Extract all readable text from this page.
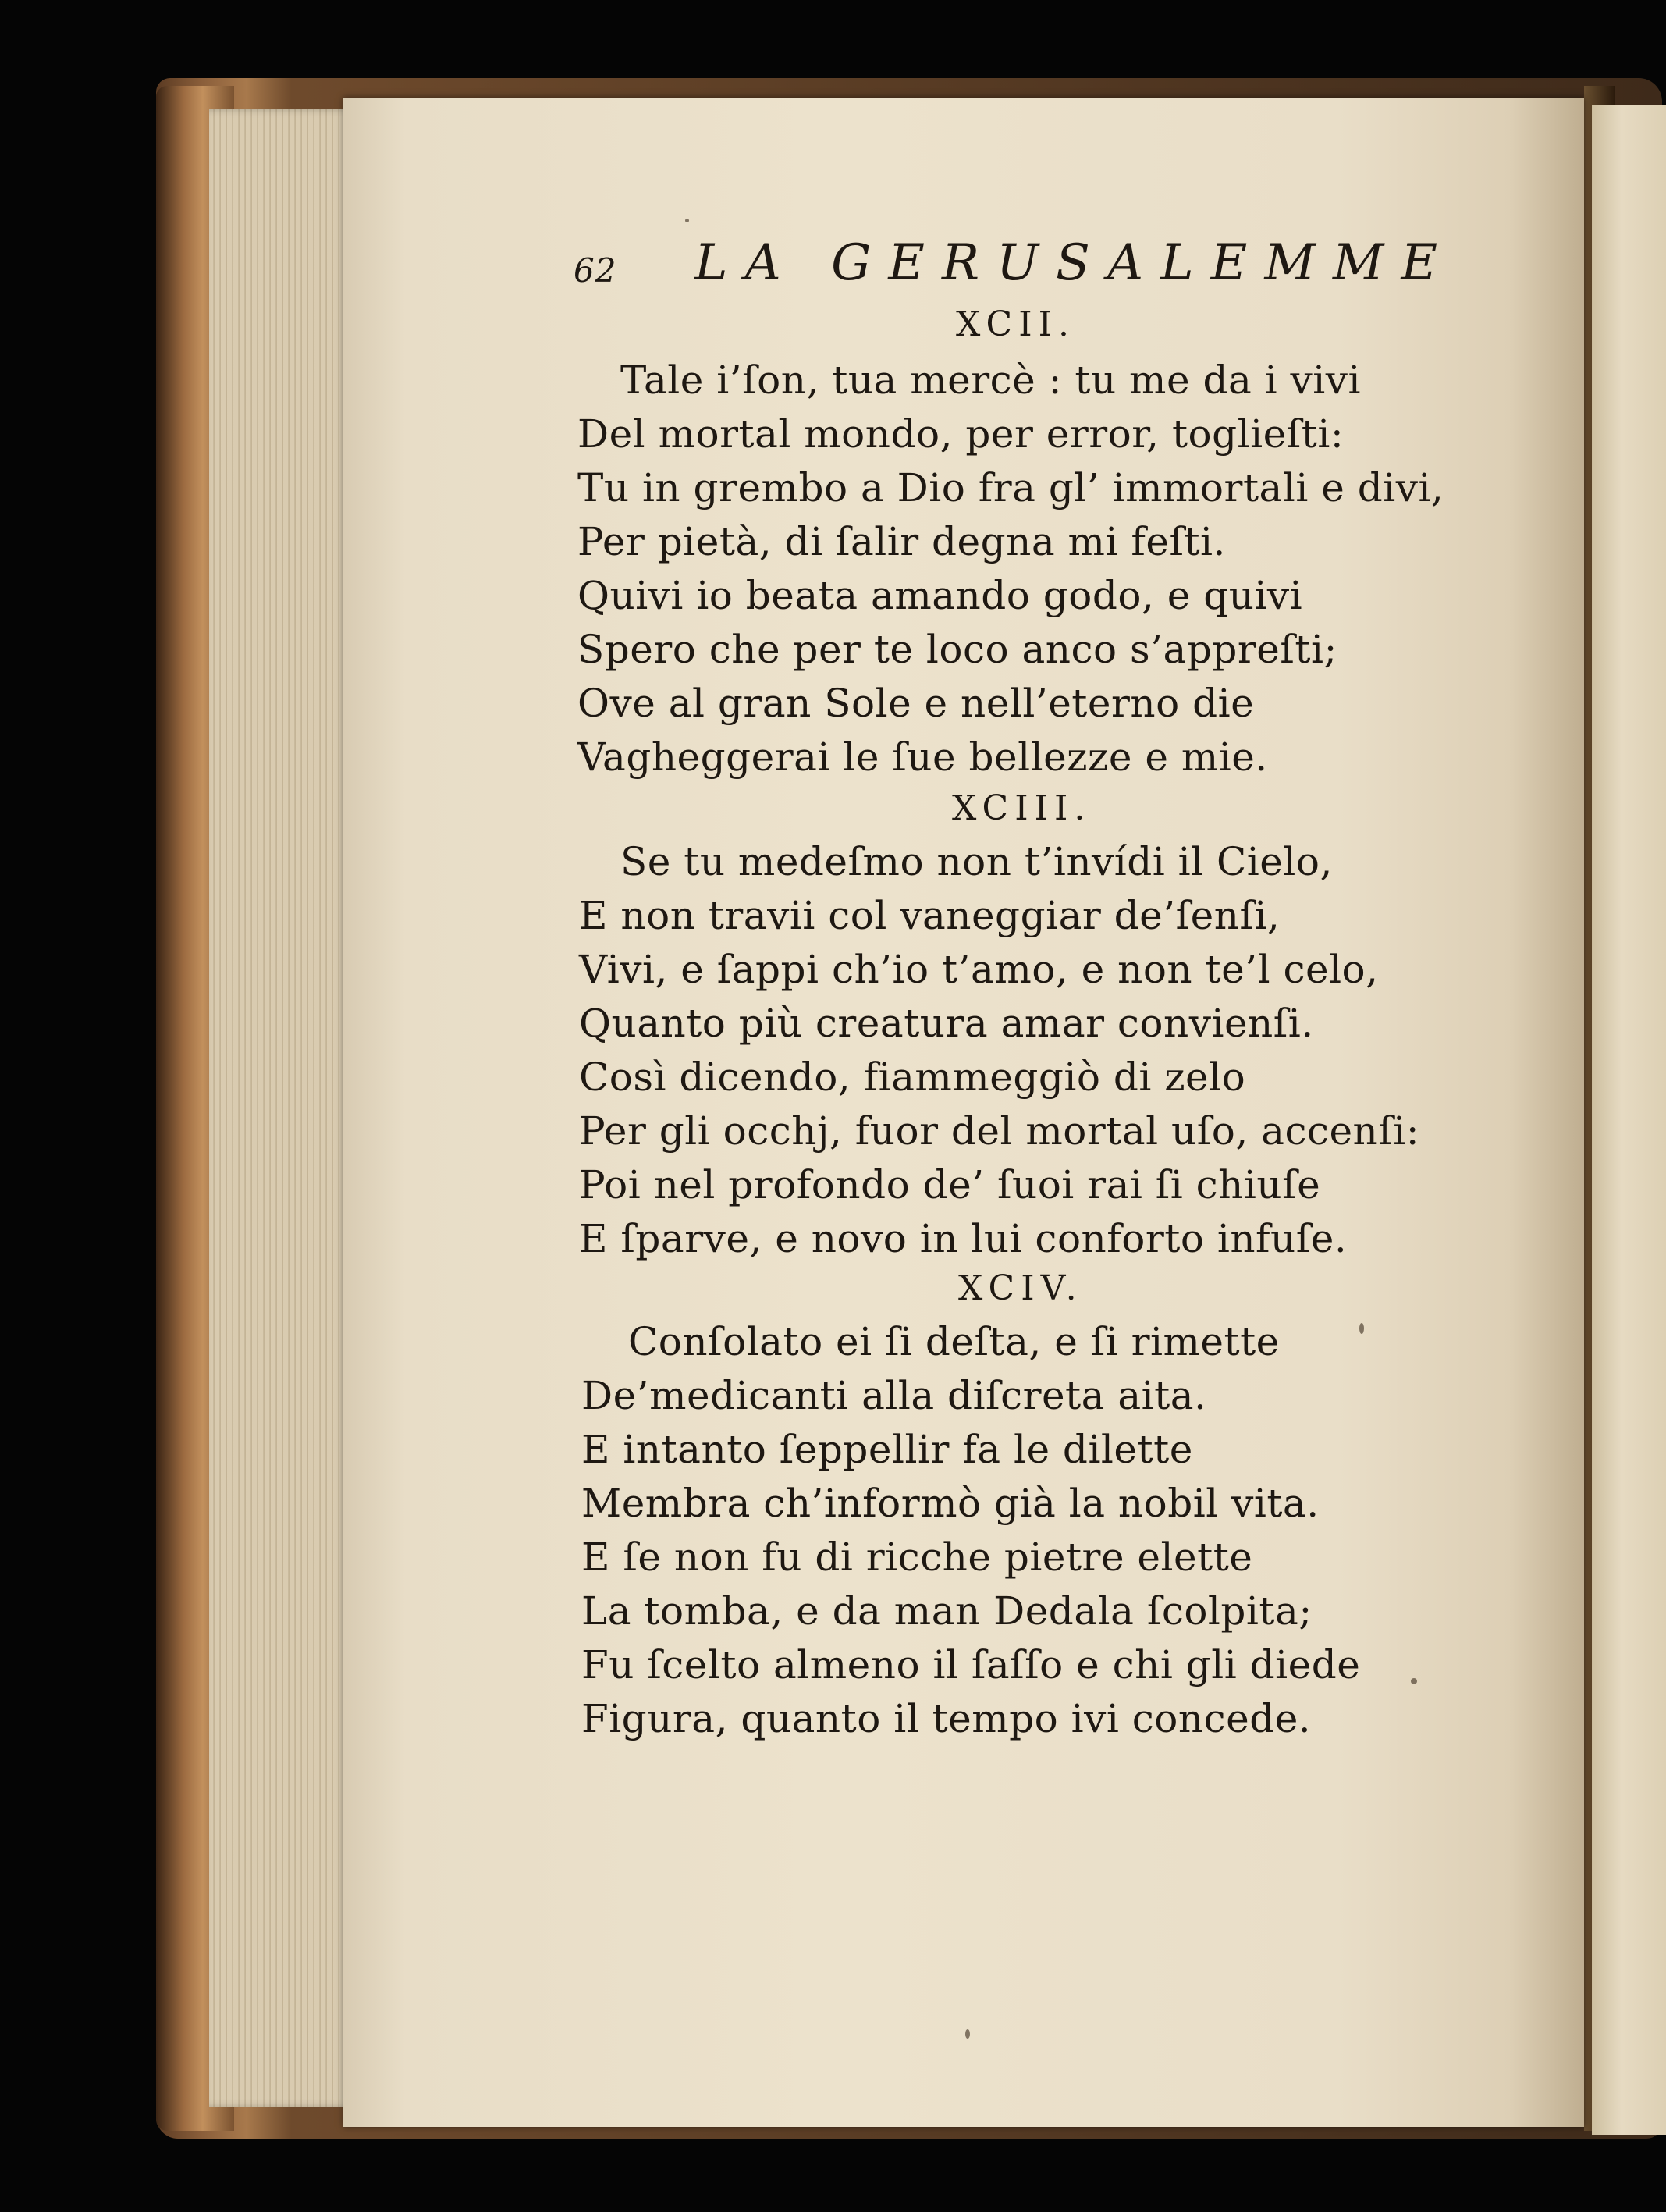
62 LA GERUSALEMME
XCII.
Tale i’ſon, tua mercè : tu me da i vivi
Del mortal mondo, per error, toglieſti:
Tu in grembo a Dio fra gl’ immortali e divi,
Per pietà, di ſalir degna mi feſti.
Quivi io beata amando godo, e quivi
Spero che per te loco anco s’appreſti;
Ove al gran Sole e nell’eterno die
Vagheggerai le ſue bellezze e mie.
XCIII.
Se tu medeſmo non t’invídi il Cielo,
E non travii col vaneggiar de’ſenſi,
Vivi, e ſappi ch’io t’amo, e non te’l celo,
Quanto più creatura amar convienſi.
Così dicendo, fiammeggiò di zelo
Per gli occhj, fuor del mortal uſo, accenſi:
Poi nel profondo de’ ſuoi rai ſi chiuſe
E ſparve, e novo in lui conforto infuſe.
XCIV.
Conſolato ei ſi deſta, e ſi rimette
De’medicanti alla diſcreta aita.
E intanto ſeppellir fa le dilette
Membra ch’informò già la nobil vita.
E ſe non fu di ricche pietre elette
La tomba, e da man Dedala ſcolpita;
Fu ſcelto almeno il ſaſſo e chi gli diede
Figura, quanto il tempo ivi concede.
